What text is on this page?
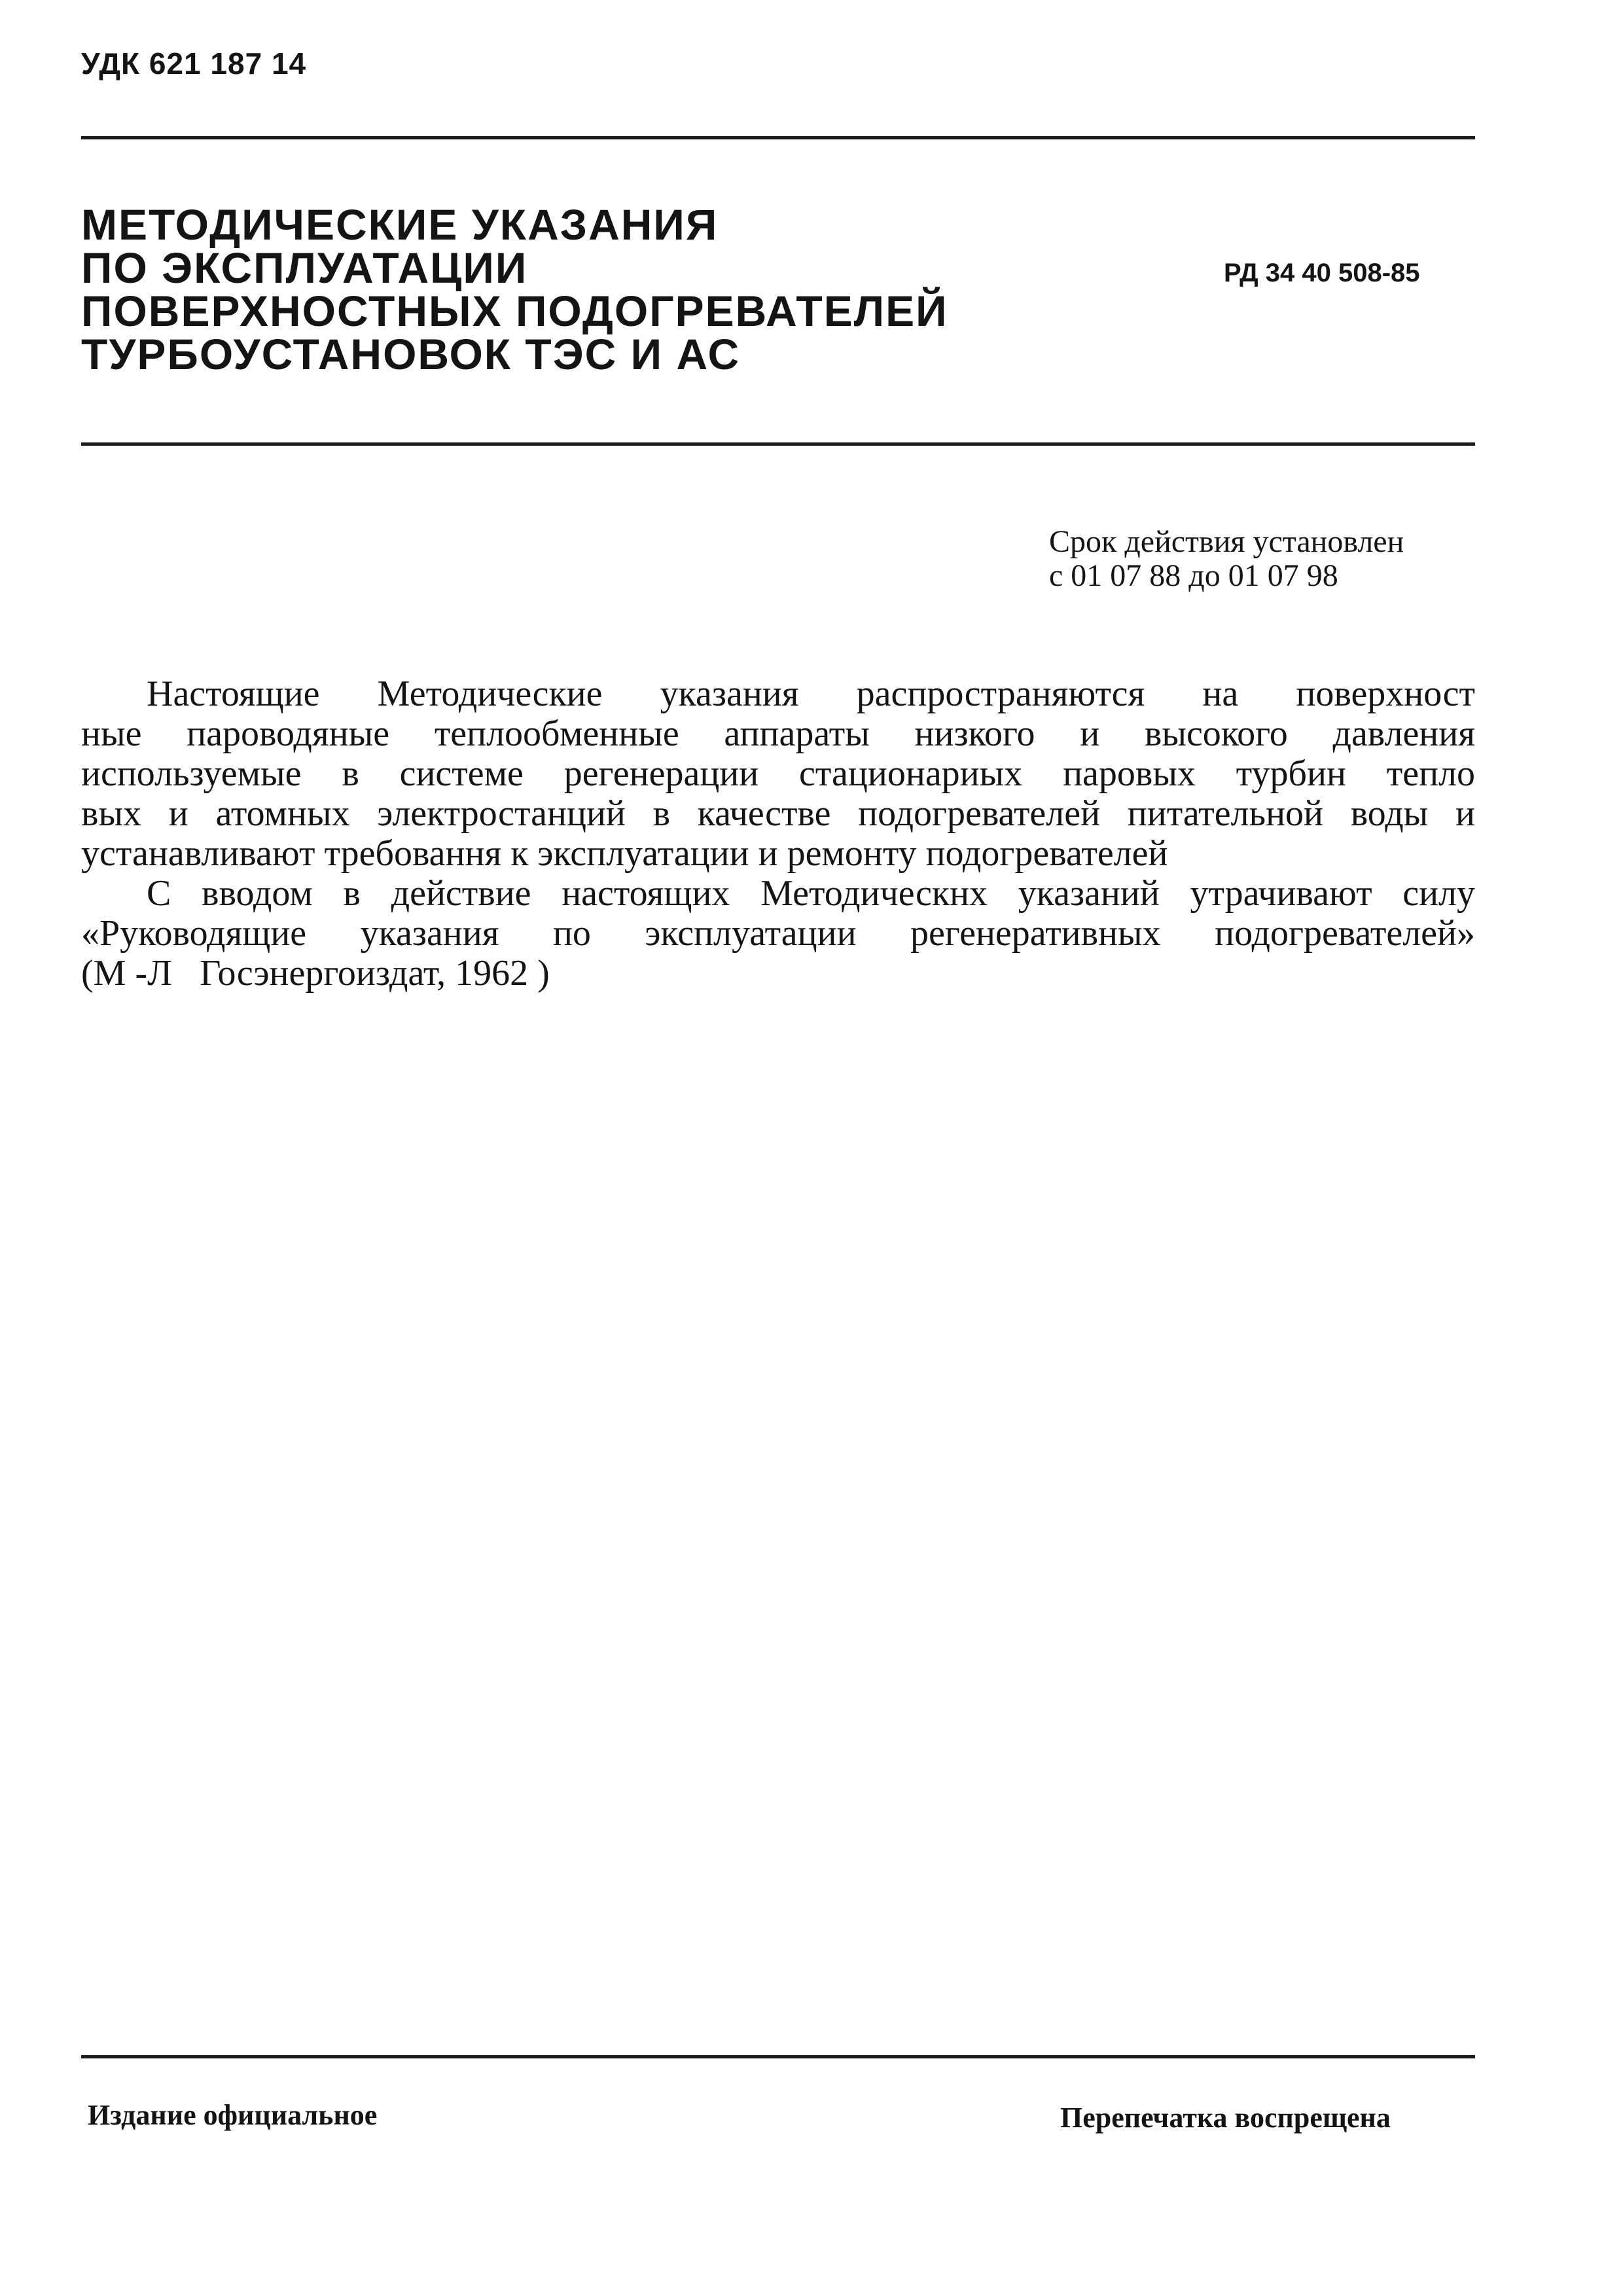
УДК 621 187 14
МЕТОДИЧЕСКИЕ УКАЗАНИЯ
ПО ЭКСПЛУАТАЦИИ
ПОВЕРХНОСТНЫХ ПОДОГРЕВАТЕЛЕЙ
ТУРБОУСТАНОВОК ТЭС И АС
РД 34 40 508-85
Срок действия установлен
с 01 07 88 до 01 07 98
Настоящие Методические указания распространяются на поверхност
ные пароводяные теплообменные аппараты низкого и высокого давления
используемые в системе регенерации стационариых паровых турбин тепло
вых и атомных электростанций в качестве подогревателей питательной воды и
устанавливают требовання к эксплуатации и ремонту подогревателей
С вводом в действие настоящих Методическнх указаний утрачивают силу
«Руководящие указания по эксплуатации регенеративных подогревателей»
(М -Л   Госэнергоиздат, 1962 )
Издание официальное	Перепечатка воспрещена
